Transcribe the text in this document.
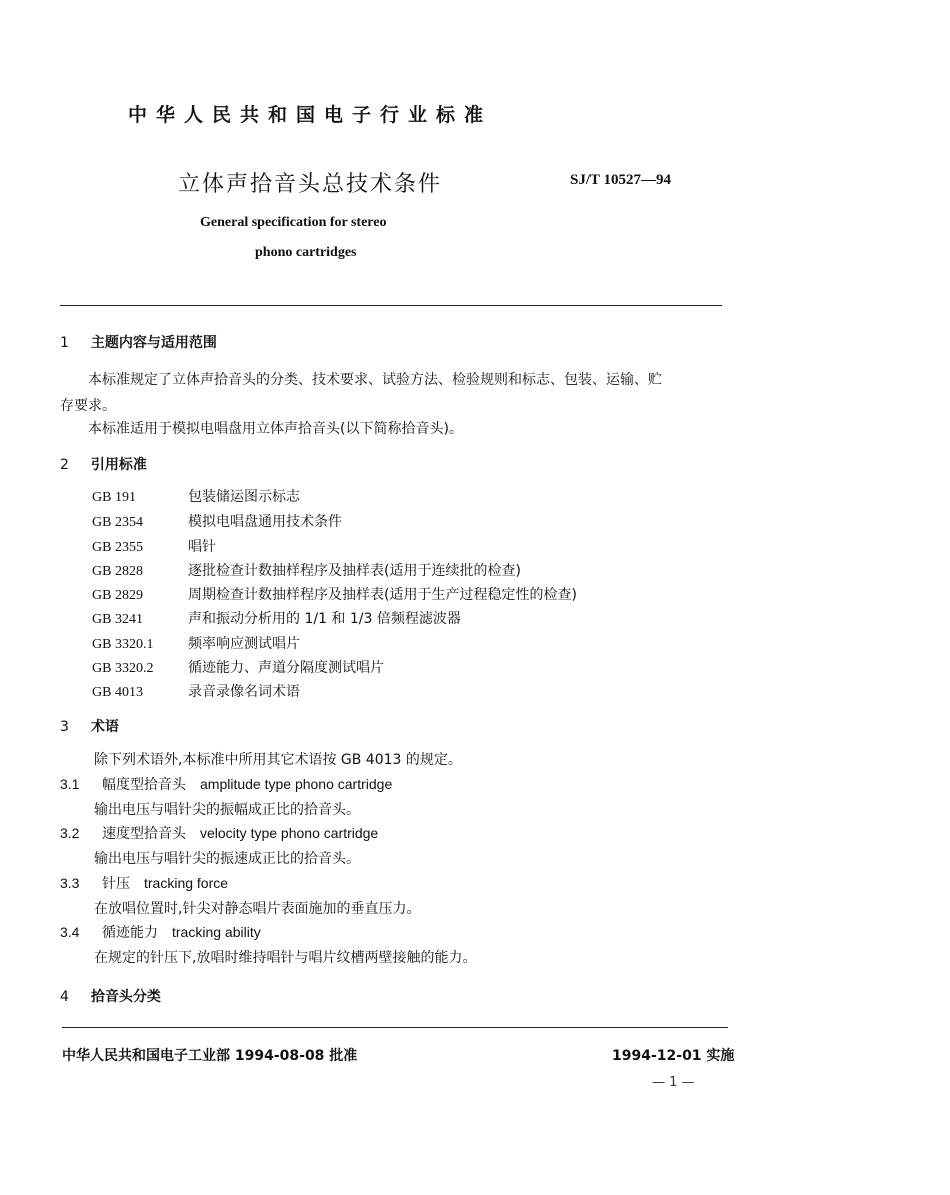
中华人民共和国电子行业标准
立体声拾音头总技术条件	SJ/T 10527—94
General specification for stereo
phono cartridges
1 主题内容与适用范围
本标准规定了立体声拾音头的分类、技术要求、试验方法、检验规则和标志、包装、运输、贮
存要求。
本标准适用于模拟电唱盘用立体声拾音头(以下简称拾音头)。
2 引用标准
GB 191	包装储运图示标志
GB 2354	模拟电唱盘通用技术条件
GB 2355	唱针
GB 2828	逐批检查计数抽样程序及抽样表(适用于连续批的检查)
GB 2829	周期检查计数抽样程序及抽样表(适用于生产过程稳定性的检查)
GB 3241	声和振动分析用的 1/1 和 1/3 倍频程滤波器
GB 3320.1 频率响应测试唱片
GB 3320.2 循迹能力、声道分隔度测试唱片
GB 4013	录音录像名词术语
3 术语
除下列术语外,本标准中所用其它术语按 GB 4013 的规定。
3.1 幅度型拾音头 amplitude type phono cartridge
输出电压与唱针尖的振幅成正比的拾音头。
3.2 速度型拾音头 velocity type phono cartridge
输出电压与唱针尖的振速成正比的拾音头。
3.3 针压 tracking force
在放唱位置时,针尖对静态唱片表面施加的垂直压力。
3.4 循迹能力 tracking ability
在规定的针压下,放唱时维持唱针与唱片纹槽两壁接触的能力。
4 拾音头分类
中华人民共和国电子工业部 1994-08-08 批准	1994-12-01 实施
— 1 —
